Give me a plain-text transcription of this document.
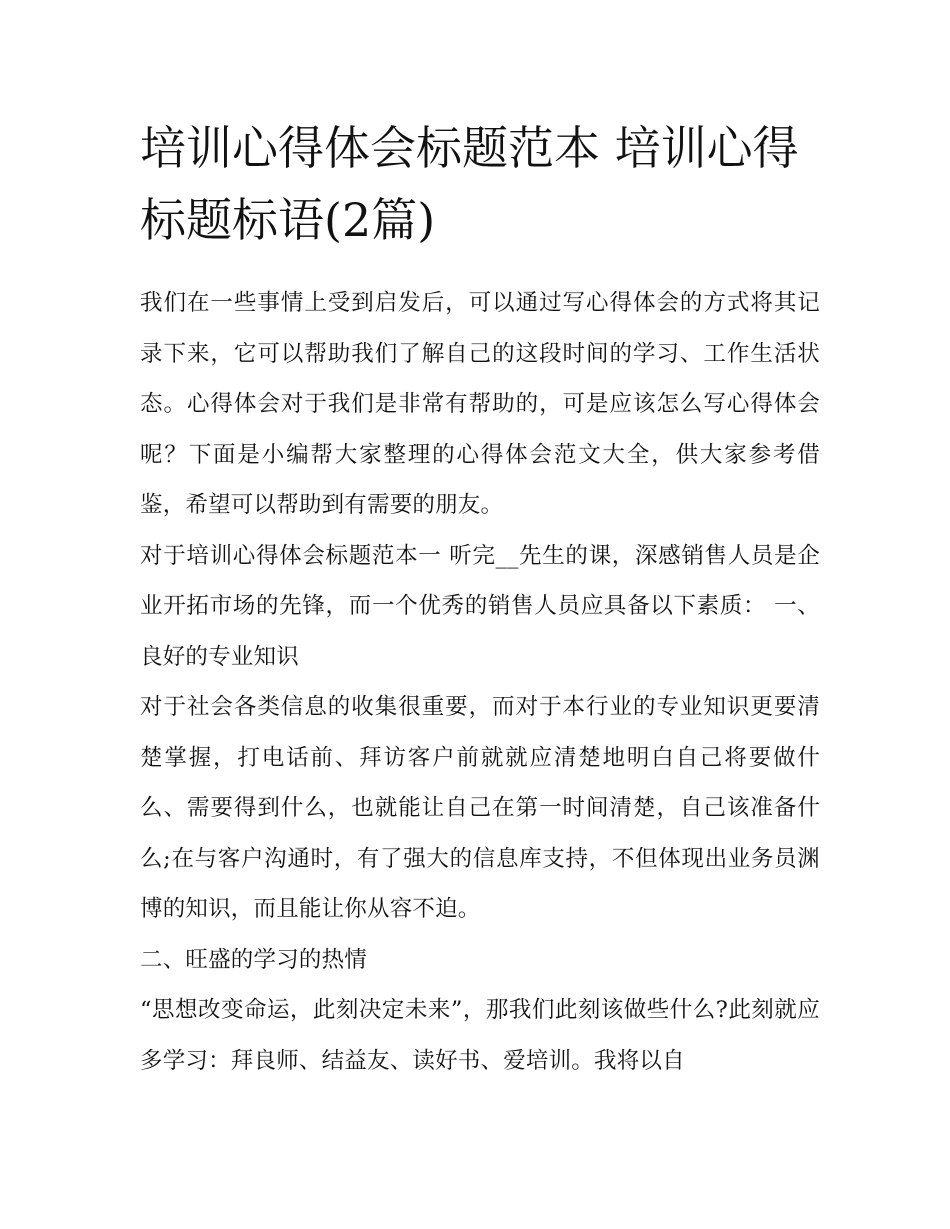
培训心得体会标题范本 培训心得标题标语(2篇)

我们在一些事情上受到启发后，可以通过写心得体会的方式将其记录下来，它可以帮助我们了解自己的这段时间的学习、工作生活状态。心得体会对于我们是非常有帮助的，可是应该怎么写心得体会呢？下面是小编帮大家整理的心得体会范文大全，供大家参考借鉴，希望可以帮助到有需要的朋友。

对于培训心得体会标题范本一 听完__先生的课，深感销售人员是企业开拓市场的先锋，而一个优秀的销售人员应具备以下素质： 一、良好的专业知识

对于社会各类信息的收集很重要，而对于本行业的专业知识更要清楚掌握，打电话前、拜访客户前就就应清楚地明白自己将要做什么、需要得到什么，也就能让自己在第一时间清楚，自己该准备什么;在与客户沟通时，有了强大的信息库支持，不但体现出业务员渊博的知识，而且能让你从容不迫。

二、旺盛的学习的热情

“思想改变命运，此刻决定未来”，那我们此刻该做些什么?此刻就应多学习：拜良师、结益友、读好书、爱培训。我将以自
